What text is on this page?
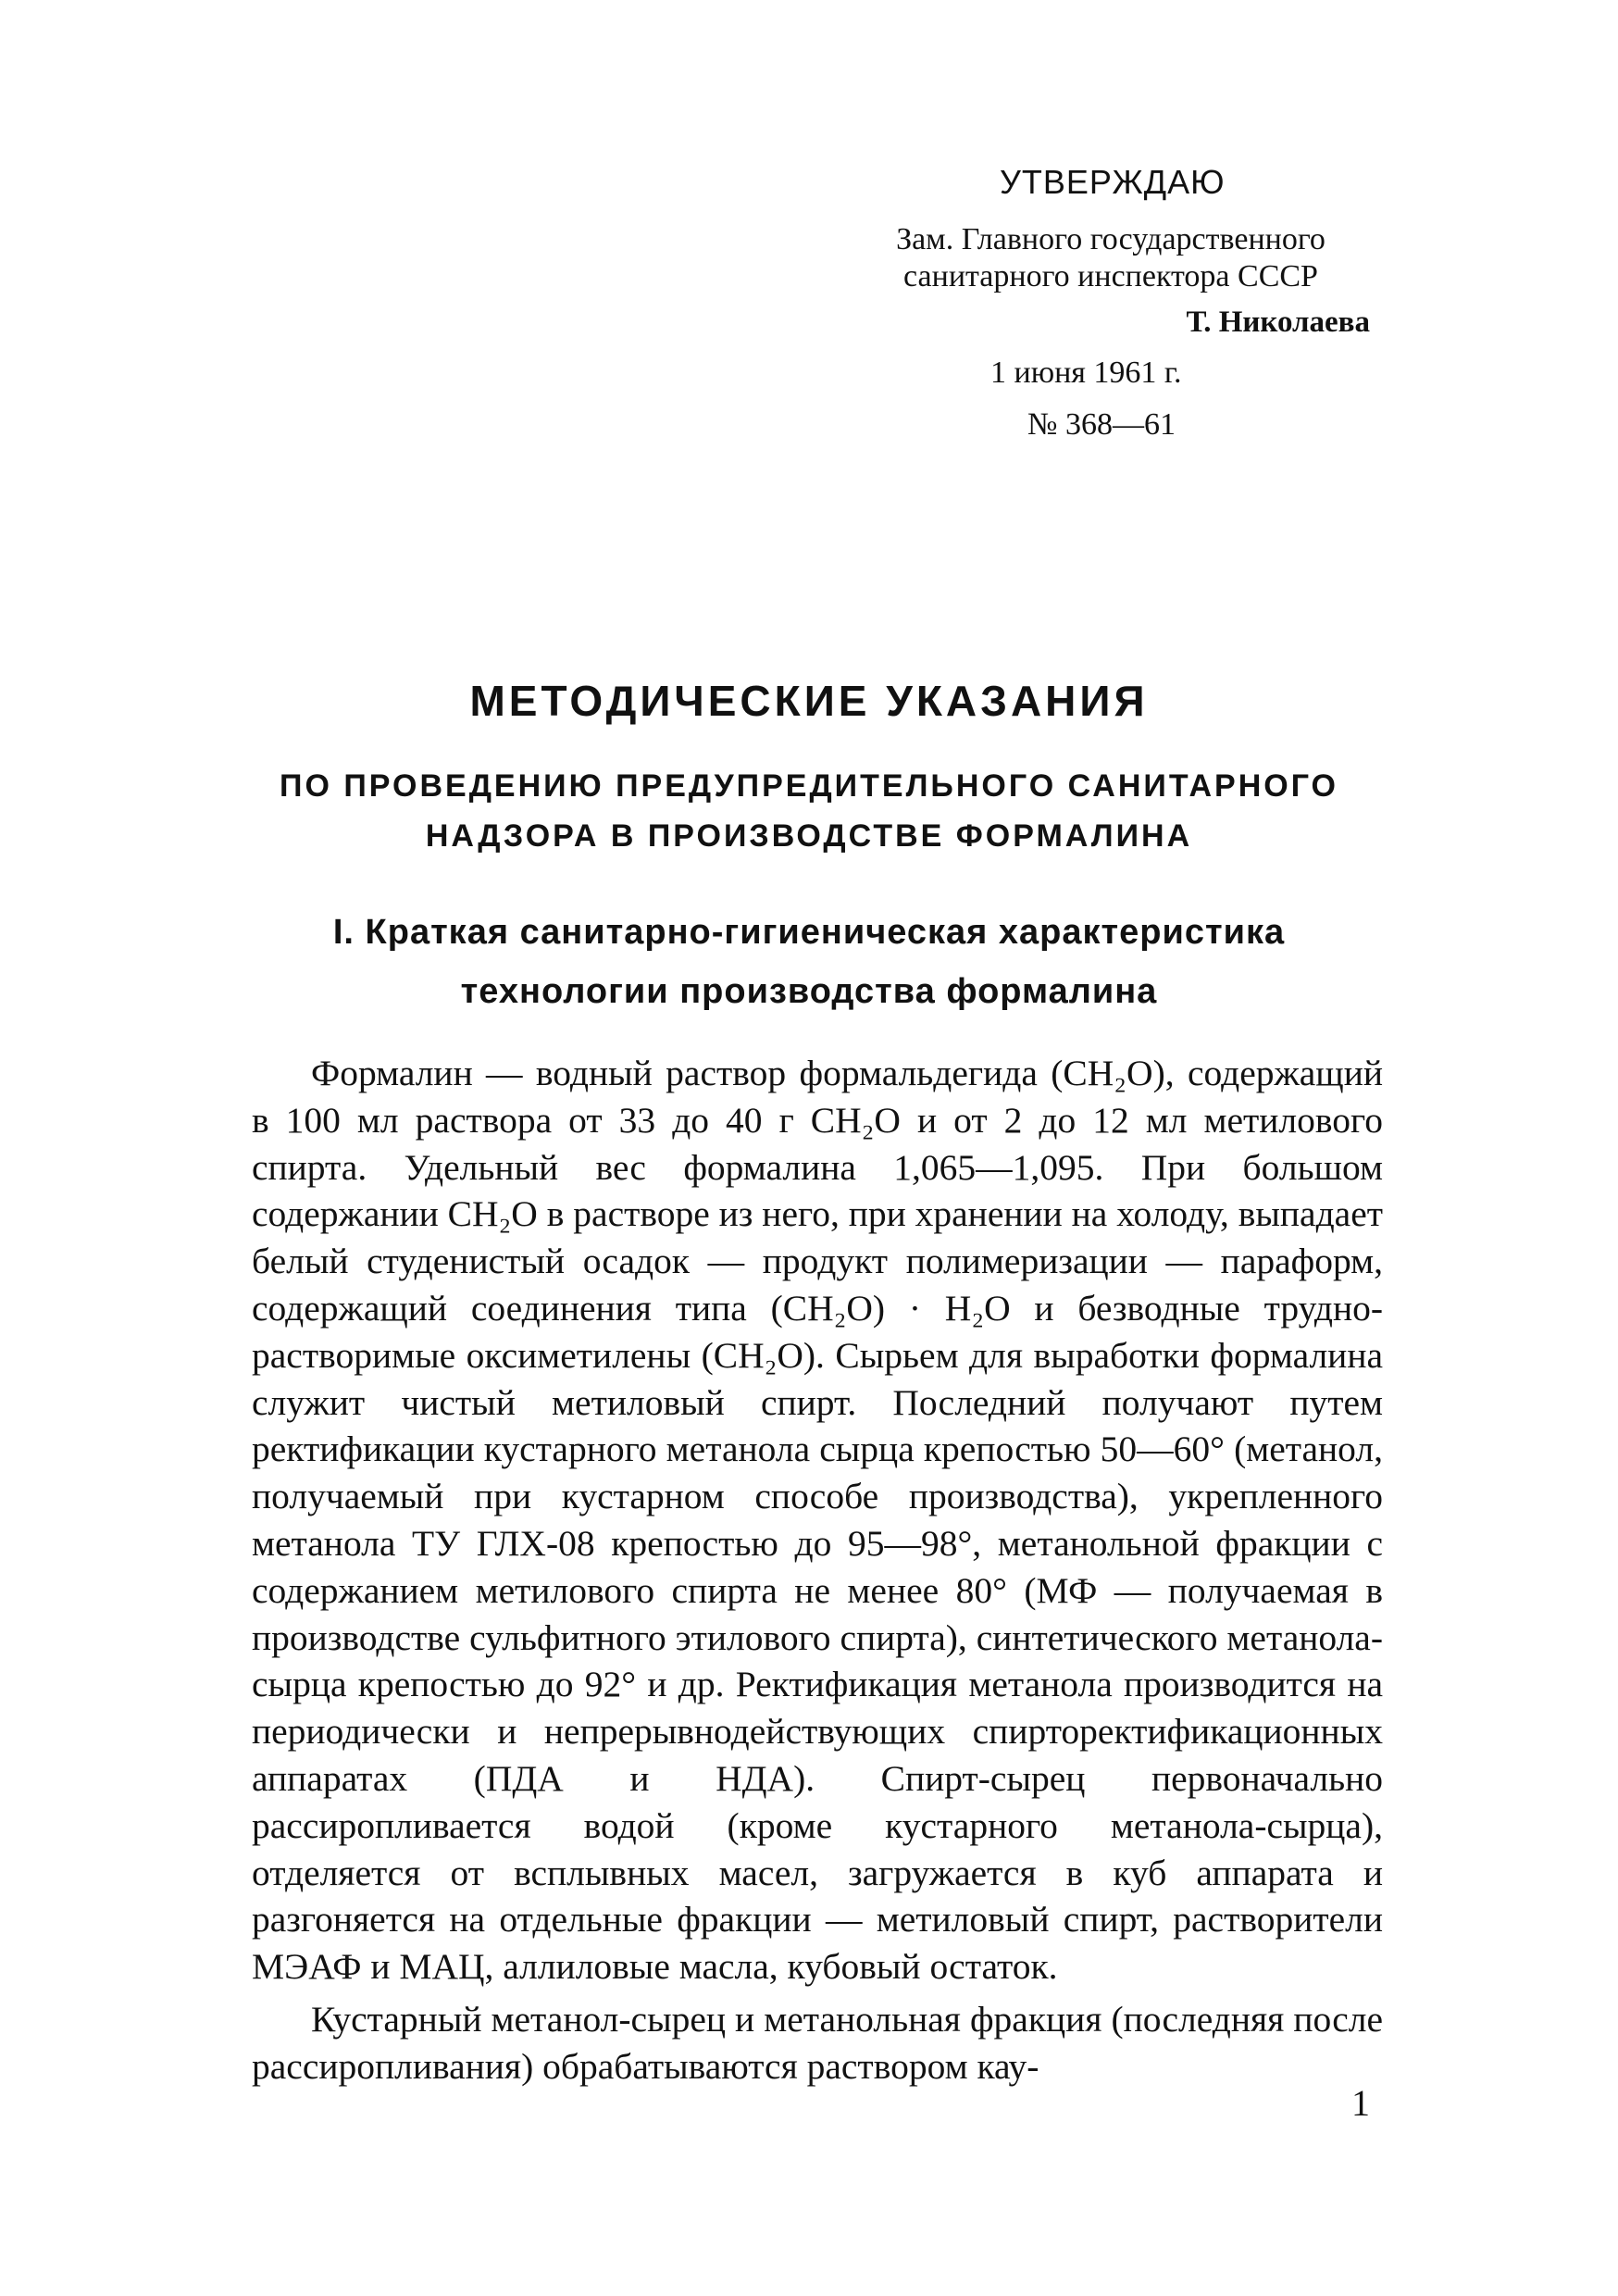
УТВЕРЖДАЮ
Зам. Главного государственного
санитарного инспектора СССР
Т. Николаева
1 июня 1961 г.
№ 368—61
МЕТОДИЧЕСКИЕ УКАЗАНИЯ
ПО ПРОВЕДЕНИЮ ПРЕДУПРЕДИТЕЛЬНОГО САНИТАРНОГО
НАДЗОРА В ПРОИЗВОДСТВЕ ФОРМАЛИНА
I. Краткая санитарно-гигиеническая характеристика
технологии производства формалина

Формалин — водный раствор формальдегида (CH₂O), содержащий в 100 мл раствора от 33 до 40 г CH₂O и от 2 до 12 мл метилового спирта. Удельный вес формалина 1,065—1,095. При большом содержании CH₂O в растворе из него, при хранении на холоду, выпадает белый студенистый осадок — продукт полимеризации — параформ, содержащий соединения типа (CH₂O) · H₂O и безводные труднорастворимые оксиметилены (CH₂O). Сырьем для выработки формалина служит чистый метиловый спирт. Последний получают путем ректификации кустарного метанола сырца крепостью 50—60° (метанол, получаемый при кустарном способе производства), укрепленного метанола ТУ ГЛХ-08 крепостью до 95—98°, метанольной фракции с содержанием метилового спирта не менее 80° (МФ — получаемая в производстве сульфитного этилового спирта), синтетического метанола-сырца крепостью до 92° и др. Ректификация метанола производится на периодически и непрерывнодействующих спирторектификационных аппаратах (ПДА и НДА). Спирт-сырец первоначально рассиропливается водой (кроме кустарного метанола-сырца), отделяется от всплывных масел, загружается в куб аппарата и разгоняется на отдельные фракции — метиловый спирт, растворители МЭАФ и МАЦ, аллиловые масла, кубовый остаток.

Кустарный метанол-сырец и метанольная фракция (последняя после рассиропливания) обрабатываются раствором кау-

1
